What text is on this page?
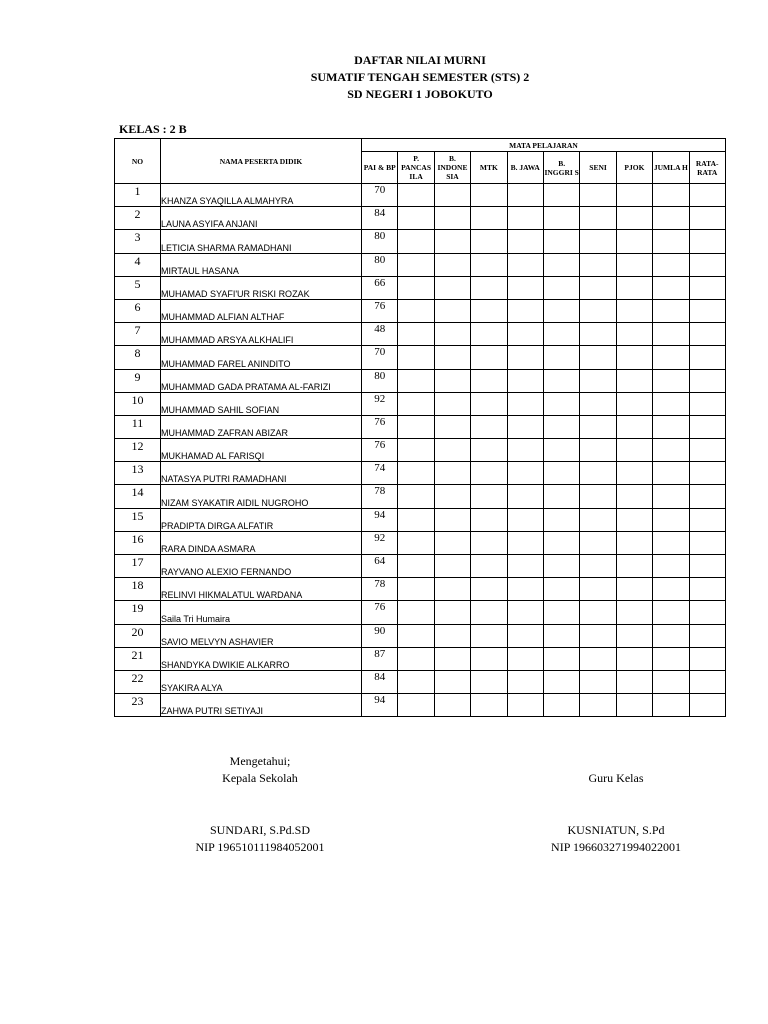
DAFTAR NILAI MURNI
SUMATIF TENGAH SEMESTER (STS) 2
SD NEGERI 1 JOBOKUTO
KELAS : 2 B
NO	NAMA PESERTA DIDIK	MATA PELAJARAN									
		PAI & BP	P. PANCAS ILA	B. INDONE SIA	MTK	B. JAWA	B. INGGRI S	SENI	PJOK	JUMLA H	RATA- RATA
1	KHANZA SYAQILLA ALMAHYRA	70									
2	LAUNA ASYIFA ANJANI	84									
3	LETICIA SHARMA RAMADHANI	80									
4	MIRTAUL HASANA	80									
5	MUHAMAD SYAFI'UR RISKI ROZAK	66									
6	MUHAMMAD ALFIAN ALTHAF	76									
7	MUHAMMAD ARSYA ALKHALIFI	48									
8	MUHAMMAD FAREL ANINDITO	70									
9	MUHAMMAD GADA PRATAMA AL-FARIZI	80									
10	MUHAMMAD SAHIL SOFIAN	92									
11	MUHAMMAD ZAFRAN ABIZAR	76									
12	MUKHAMAD AL FARISQI	76									
13	NATASYA PUTRI RAMADHANI	74									
14	NIZAM SYAKATIR AIDIL NUGROHO	78									
15	PRADIPTA DIRGA ALFATIR	94									
16	RARA DINDA ASMARA	92									
17	RAYVANO ALEXIO FERNANDO	64									
18	RELINVI HIKMALATUL WARDANA	78									
19	Saila Tri Humaira	76									
20	SAVIO MELVYN ASHAVIER	90									
21	SHANDYKA DWIKIE ALKARRO	87									
22	SYAKIRA ALYA	84									
23	ZAHWA PUTRI SETIYAJI	94									
Mengetahui;
Kepala Sekolah
SUNDARI, S.Pd.SD
NIP 196510111984052001
Guru Kelas
KUSNIATUN, S.Pd
NIP 196603271994022001
